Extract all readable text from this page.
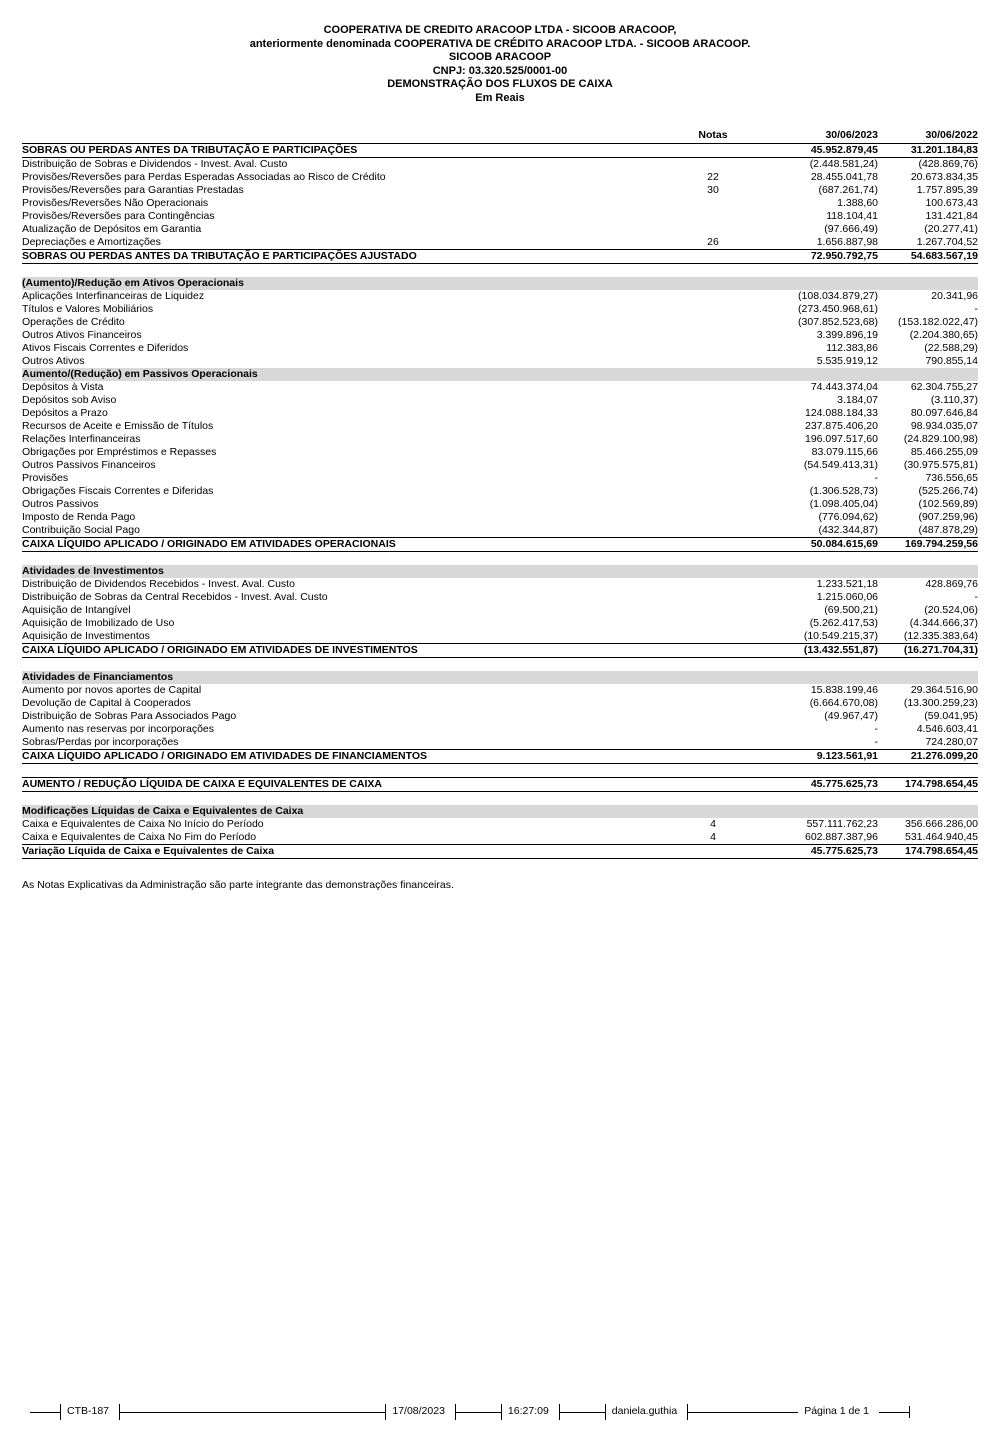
COOPERATIVA DE CREDITO ARACOOP LTDA - SICOOB ARACOOP,
anteriormente denominada COOPERATIVA DE CRÉDITO ARACOOP LTDA. - SICOOB ARACOOP.
SICOOB ARACOOP
CNPJ: 03.320.525/0001-00
DEMONSTRAÇÃO DOS FLUXOS DE CAIXA
Em Reais
Notas	30/06/2023	30/06/2022
SOBRAS OU PERDAS ANTES DA TRIBUTAÇÃO E PARTICIPAÇÕES	45.952.879,45	31.201.184,83
Distribuição de Sobras e Dividendos - Invest. Aval. Custo	(2.448.581,24)	(428.869,76)
Provisões/Reversões para Perdas Esperadas Associadas ao Risco de Crédito	22	28.455.041,78	20.673.834,35
Provisões/Reversões para Garantias Prestadas	30	(687.261,74)	1.757.895,39
Provisões/Reversões Não Operacionais	1.388,60	100.673,43
Provisões/Reversões para Contingências	118.104,41	131.421,84
Atualização de Depósitos em Garantia	(97.666,49)	(20.277,41)
Depreciações e Amortizações	26	1.656.887,98	1.267.704,52
SOBRAS OU PERDAS ANTES DA TRIBUTAÇÃO E PARTICIPAÇÕES AJUSTADO	72.950.792,75	54.683.567,19
(Aumento)/Redução em Ativos Operacionais
Aplicações Interfinanceiras de Liquidez	(108.034.879,27)	20.341,96
Títulos e Valores Mobiliários	(273.450.968,61)	-
Operações de Crédito	(307.852.523,68)	(153.182.022,47)
Outros Ativos Financeiros	3.399.896,19	(2.204.380,65)
Ativos Fiscais Correntes e Diferidos	112.383,86	(22.588,29)
Outros Ativos	5.535.919,12	790.855,14
Aumento/(Redução) em Passivos Operacionais
Depósitos à Vista	74.443.374,04	62.304.755,27
Depósitos sob Aviso	3.184,07	(3.110,37)
Depósitos a Prazo	124.088.184,33	80.097.646,84
Recursos de Aceite e Emissão de Títulos	237.875.406,20	98.934.035,07
Relações Interfinanceiras	196.097.517,60	(24.829.100,98)
Obrigações por Empréstimos e Repasses	83.079.115,66	85.466.255,09
Outros Passivos Financeiros	(54.549.413,31)	(30.975.575,81)
Provisões	-	736.556,65
Obrigações Fiscais Correntes e Diferidas	(1.306.528,73)	(525.266,74)
Outros Passivos	(1.098.405,04)	(102.569,89)
Imposto de Renda Pago	(776.094,62)	(907.259,96)
Contribuição Social Pago	(432.344,87)	(487.878,29)
CAIXA LÍQUIDO APLICADO / ORIGINADO EM ATIVIDADES OPERACIONAIS	50.084.615,69	169.794.259,56
Atividades de Investimentos
Distribuição de Dividendos Recebidos - Invest. Aval. Custo	1.233.521,18	428.869,76
Distribuição de Sobras da Central Recebidos - Invest. Aval. Custo	1.215.060,06	-
Aquisição de Intangível	(69.500,21)	(20.524,06)
Aquisição de Imobilizado de Uso	(5.262.417,53)	(4.344.666,37)
Aquisição de Investimentos	(10.549.215,37)	(12.335.383,64)
CAIXA LÍQUIDO APLICADO / ORIGINADO EM ATIVIDADES DE INVESTIMENTOS	(13.432.551,87)	(16.271.704,31)
Atividades de Financiamentos
Aumento por novos aportes de Capital	15.838.199,46	29.364.516,90
Devolução de Capital à Cooperados	(6.664.670,08)	(13.300.259,23)
Distribuição de Sobras Para Associados Pago	(49.967,47)	(59.041,95)
Aumento nas reservas por incorporações	-	4.546.603,41
Sobras/Perdas por incorporações	-	724.280,07
CAIXA LÍQUIDO APLICADO / ORIGINADO EM ATIVIDADES DE FINANCIAMENTOS	9.123.561,91	21.276.099,20
AUMENTO / REDUÇÃO LÍQUIDA DE CAIXA E EQUIVALENTES DE CAIXA	45.775.625,73	174.798.654,45
Modificações Líquidas de Caixa e Equivalentes de Caixa
Caixa e Equivalentes de Caixa No Início do Período	4	557.111.762,23	356.666.286,00
Caixa e Equivalentes de Caixa No Fim do Período	4	602.887.387,96	531.464.940,45
Variação Líquida de Caixa e Equivalentes de Caixa	45.775.625,73	174.798.654,45
As Notas Explicativas da Administração são parte integrante das demonstrações financeiras.
CTB-187	17/08/2023	16:27:09	daniela.guthia	Página 1 de 1
